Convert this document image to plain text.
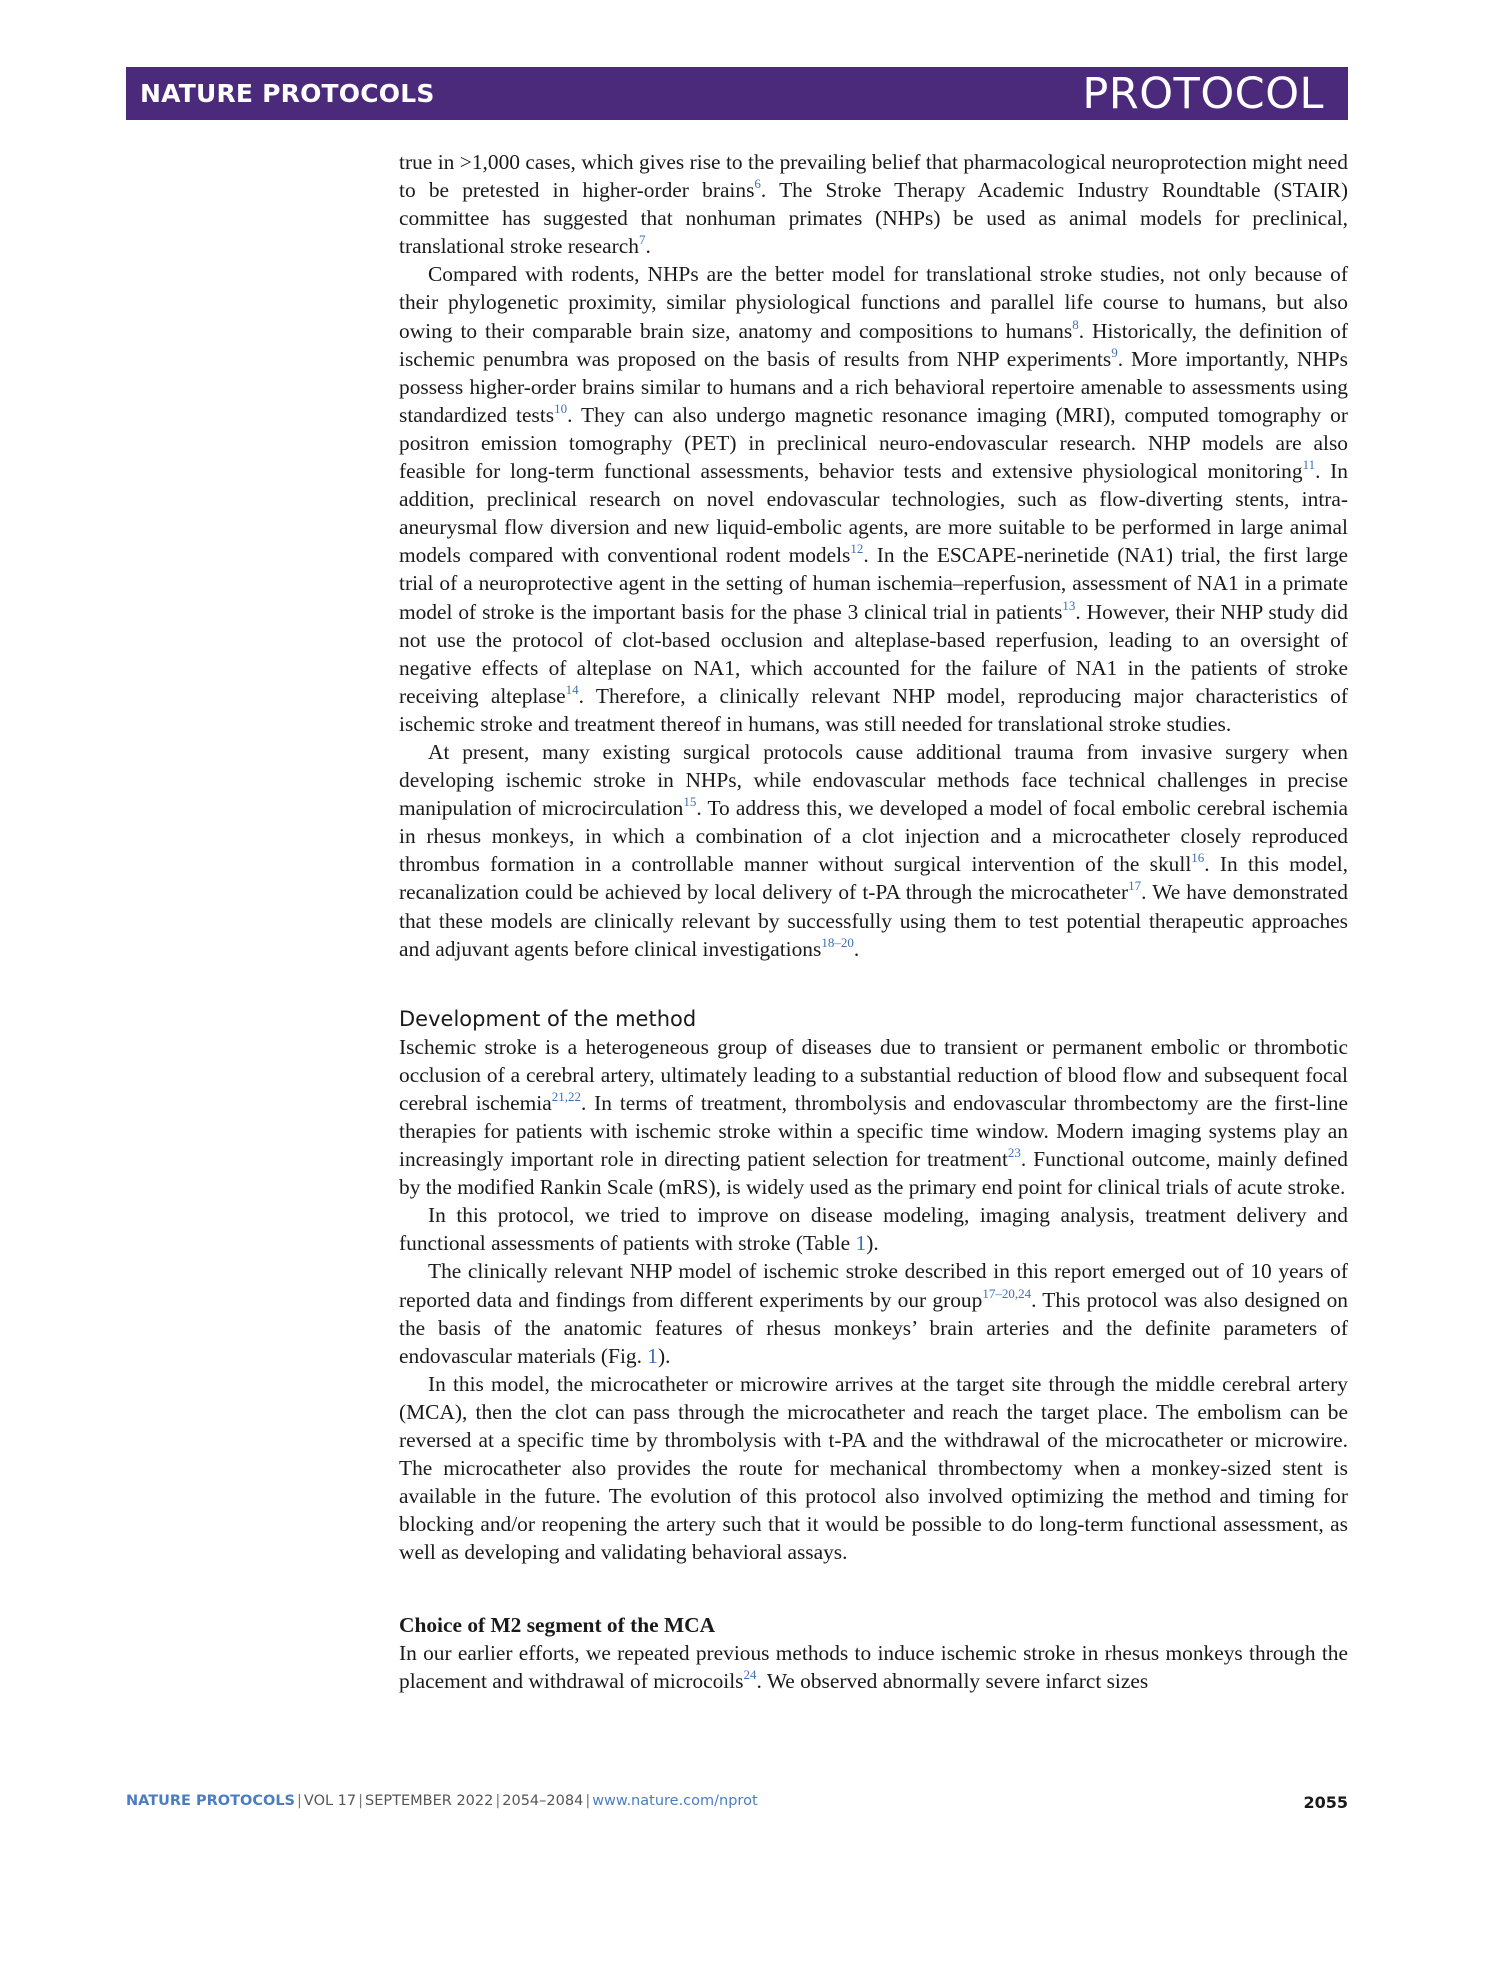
NATURE PROTOCOLS	PROTOCOL

true in >1,000 cases, which gives rise to the prevailing belief that pharmacological neuroprotection might need to be pretested in higher-order brains$^6$. The Stroke Therapy Academic Industry Roundtable (STAIR) committee has suggested that nonhuman primates (NHPs) be used as animal models for preclinical, translational stroke research$^7$.

Compared with rodents, NHPs are the better model for translational stroke studies, not only because of their phylogenetic proximity, similar physiological functions and parallel life course to humans, but also owing to their comparable brain size, anatomy and compositions to humans$^8$. Historically, the definition of ischemic penumbra was proposed on the basis of results from NHP experiments$^9$. More importantly, NHPs possess higher-order brains similar to humans and a rich behavioral repertoire amenable to assessments using standardized tests$^{10}$. They can also undergo magnetic resonance imaging (MRI), computed tomography or positron emission tomography (PET) in preclinical neuro-endovascular research. NHP models are also feasible for long-term functional assessments, behavior tests and extensive physiological monitoring$^{11}$. In addition, preclinical research on novel endovascular technologies, such as flow-diverting stents, intra-aneurysmal flow diversion and new liquid-embolic agents, are more suitable to be performed in large animal models compared with conventional rodent models$^{12}$. In the ESCAPE-nerinetide (NA1) trial, the first large trial of a neuroprotective agent in the setting of human ischemia–reperfusion, assessment of NA1 in a primate model of stroke is the important basis for the phase 3 clinical trial in patients$^{13}$. However, their NHP study did not use the protocol of clot-based occlusion and alteplase-based reperfusion, leading to an oversight of negative effects of alteplase on NA1, which accounted for the failure of NA1 in the patients of stroke receiving alteplase$^{14}$. Therefore, a clinically relevant NHP model, reproducing major characteristics of ischemic stroke and treatment thereof in humans, was still needed for translational stroke studies.

At present, many existing surgical protocols cause additional trauma from invasive surgery when developing ischemic stroke in NHPs, while endovascular methods face technical challenges in precise manipulation of microcirculation$^{15}$. To address this, we developed a model of focal embolic cerebral ischemia in rhesus monkeys, in which a combination of a clot injection and a microcatheter closely reproduced thrombus formation in a controllable manner without surgical intervention of the skull$^{16}$. In this model, recanalization could be achieved by local delivery of t-PA through the microcatheter$^{17}$. We have demonstrated that these models are clinically relevant by successfully using them to test potential therapeutic approaches and adjuvant agents before clinical investigations$^{18-20}$.

Development of the method

Ischemic stroke is a heterogeneous group of diseases due to transient or permanent embolic or thrombotic occlusion of a cerebral artery, ultimately leading to a substantial reduction of blood flow and subsequent focal cerebral ischemia$^{21,22}$. In terms of treatment, thrombolysis and endovascular thrombectomy are the first-line therapies for patients with ischemic stroke within a specific time window. Modern imaging systems play an increasingly important role in directing patient selection for treatment$^{23}$. Functional outcome, mainly defined by the modified Rankin Scale (mRS), is widely used as the primary end point for clinical trials of acute stroke.

In this protocol, we tried to improve on disease modeling, imaging analysis, treatment delivery and functional assessments of patients with stroke (Table 1).

The clinically relevant NHP model of ischemic stroke described in this report emerged out of 10 years of reported data and findings from different experiments by our group$^{17-20,24}$. This protocol was also designed on the basis of the anatomic features of rhesus monkeys’ brain arteries and the definite parameters of endovascular materials (Fig. 1).

In this model, the microcatheter or microwire arrives at the target site through the middle cerebral artery (MCA), then the clot can pass through the microcatheter and reach the target place. The embolism can be reversed at a specific time by thrombolysis with t-PA and the withdrawal of the microcatheter or microwire. The microcatheter also provides the route for mechanical thrombectomy when a monkey-sized stent is available in the future. The evolution of this protocol also involved optimizing the method and timing for blocking and/or reopening the artery such that it would be possible to do long-term functional assessment, as well as developing and validating behavioral assays.

Choice of M2 segment of the MCA

In our earlier efforts, we repeated previous methods to induce ischemic stroke in rhesus monkeys through the placement and withdrawal of microcoils$^{24}$. We observed abnormally severe infarct sizes

NATURE PROTOCOLS | VOL 17 | SEPTEMBER 2022 | 2054–2084 | www.nature.com/nprot	2055
